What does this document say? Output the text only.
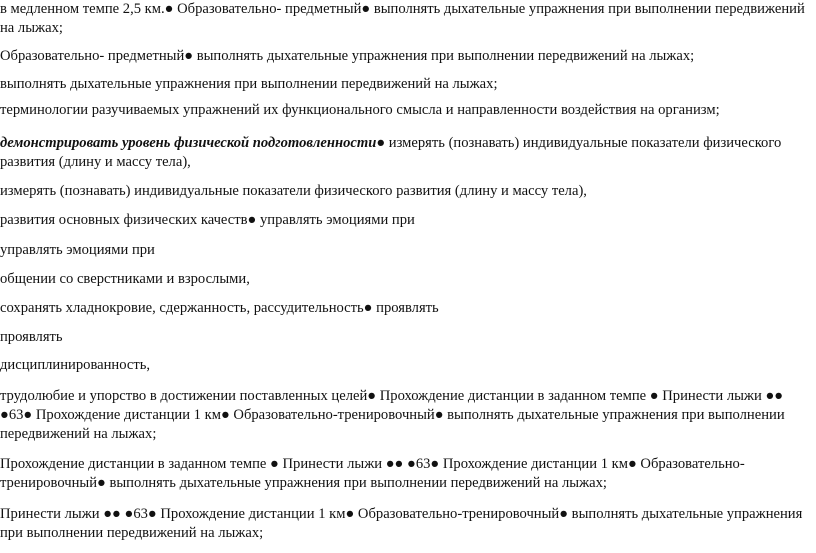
в медленном темпе 2,5 км.● Образовательно- предметный● выполнять дыхательные упражнения при выполнении передвижений на лыжах;
Образовательно- предметный● выполнять дыхательные упражнения при выполнении передвижений на лыжах;
выполнять дыхательные упражнения при выполнении передвижений на лыжах;
терминологии разучиваемых упражнений их функционального смысла и направленности воздействия на организм;
демонстрировать уровень физической подготовленности● измерять (познавать) индивидуальные показатели физического развития (длину и массу тела),
измерять (познавать) индивидуальные показатели физического развития (длину и массу тела),
развития основных физических качеств● управлять эмоциями при
управлять эмоциями при
общении со сверстниками и взрослыми,
сохранять хладнокровие, сдержанность, рассудительность● проявлять
проявлять
дисциплинированность,
трудолюбие и упорство в достижении поставленных целей● Прохождение дистанции в заданном темпе ● Принести лыжи ●● ●63● Прохождение дистанции 1 км● Образовательно-тренировочный● выполнять дыхательные упражнения при выполнении передвижений на лыжах;
Прохождение дистанции в заданном темпе ● Принести лыжи ●● ●63● Прохождение дистанции 1 км● Образовательно-тренировочный● выполнять дыхательные упражнения при выполнении передвижений на лыжах;
Принести лыжи ●● ●63● Прохождение дистанции 1 км● Образовательно-тренировочный● выполнять дыхательные упражнения при выполнении передвижений на лыжах;
